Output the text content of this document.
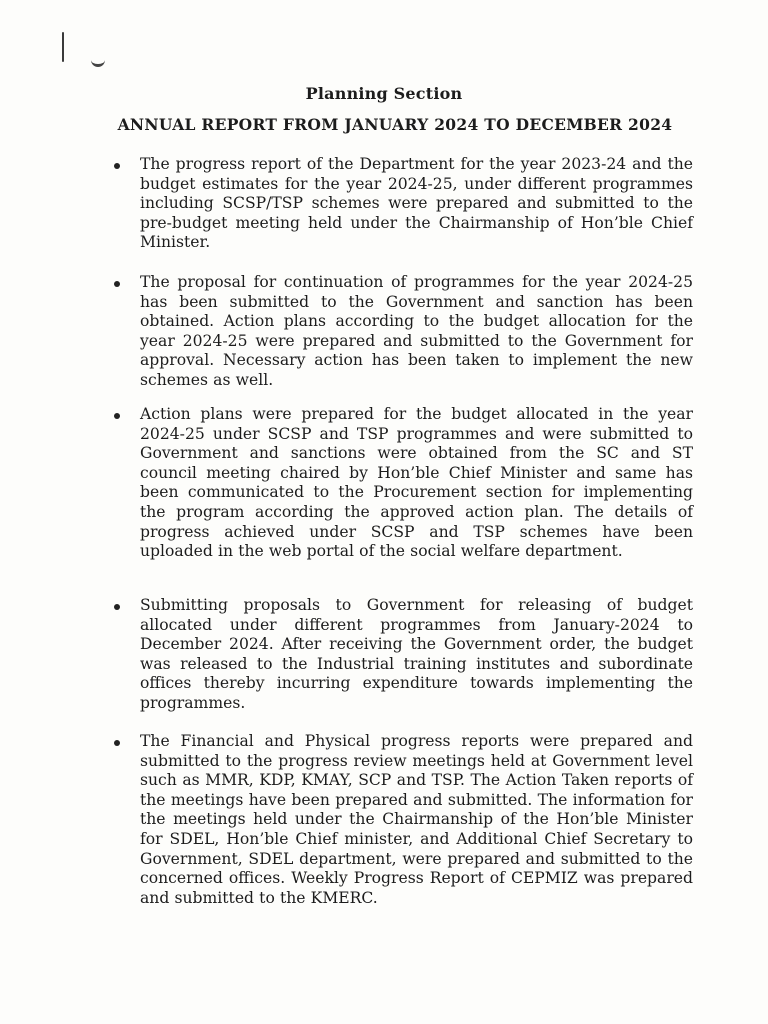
Planning Section
ANNUAL REPORT FROM JANUARY 2024 TO DECEMBER 2024
The progress report of the Department for the year 2023-24 and the budget estimates for the year 2024-25, under different programmes including SCSP/TSP schemes were prepared and submitted to the pre-budget meeting held under the Chairmanship of Hon’ble Chief Minister.
The proposal for continuation of programmes for the year 2024-25 has been submitted to the Government and sanction has been obtained. Action plans according to the budget allocation for the year 2024-25 were prepared and submitted to the Government for approval. Necessary action has been taken to implement the new schemes as well.
Action plans were prepared for the budget allocated in the year 2024-25 under SCSP and TSP programmes and were submitted to Government and sanctions were obtained from the SC and ST council meeting chaired by Hon’ble Chief Minister and same has been communicated to the Procurement section for implementing the program according the approved action plan. The details of progress achieved under SCSP and TSP schemes have been uploaded in the web portal of the social welfare department.
Submitting proposals to Government for releasing of budget allocated under different programmes from January-2024 to December 2024. After receiving the Government order, the budget was released to the Industrial training institutes and subordinate offices thereby incurring expenditure towards implementing the programmes.
The Financial and Physical progress reports were prepared and submitted to the progress review meetings held at Government level such as MMR, KDP, KMAY, SCP and TSP. The Action Taken reports of the meetings have been prepared and submitted. The information for the meetings held under the Chairmanship of the Hon’ble Minister for SDEL, Hon’ble Chief minister, and Additional Chief Secretary to Government, SDEL department, were prepared and submitted to the concerned offices. Weekly Progress Report of CEPMIZ was prepared and submitted to the KMERC.
